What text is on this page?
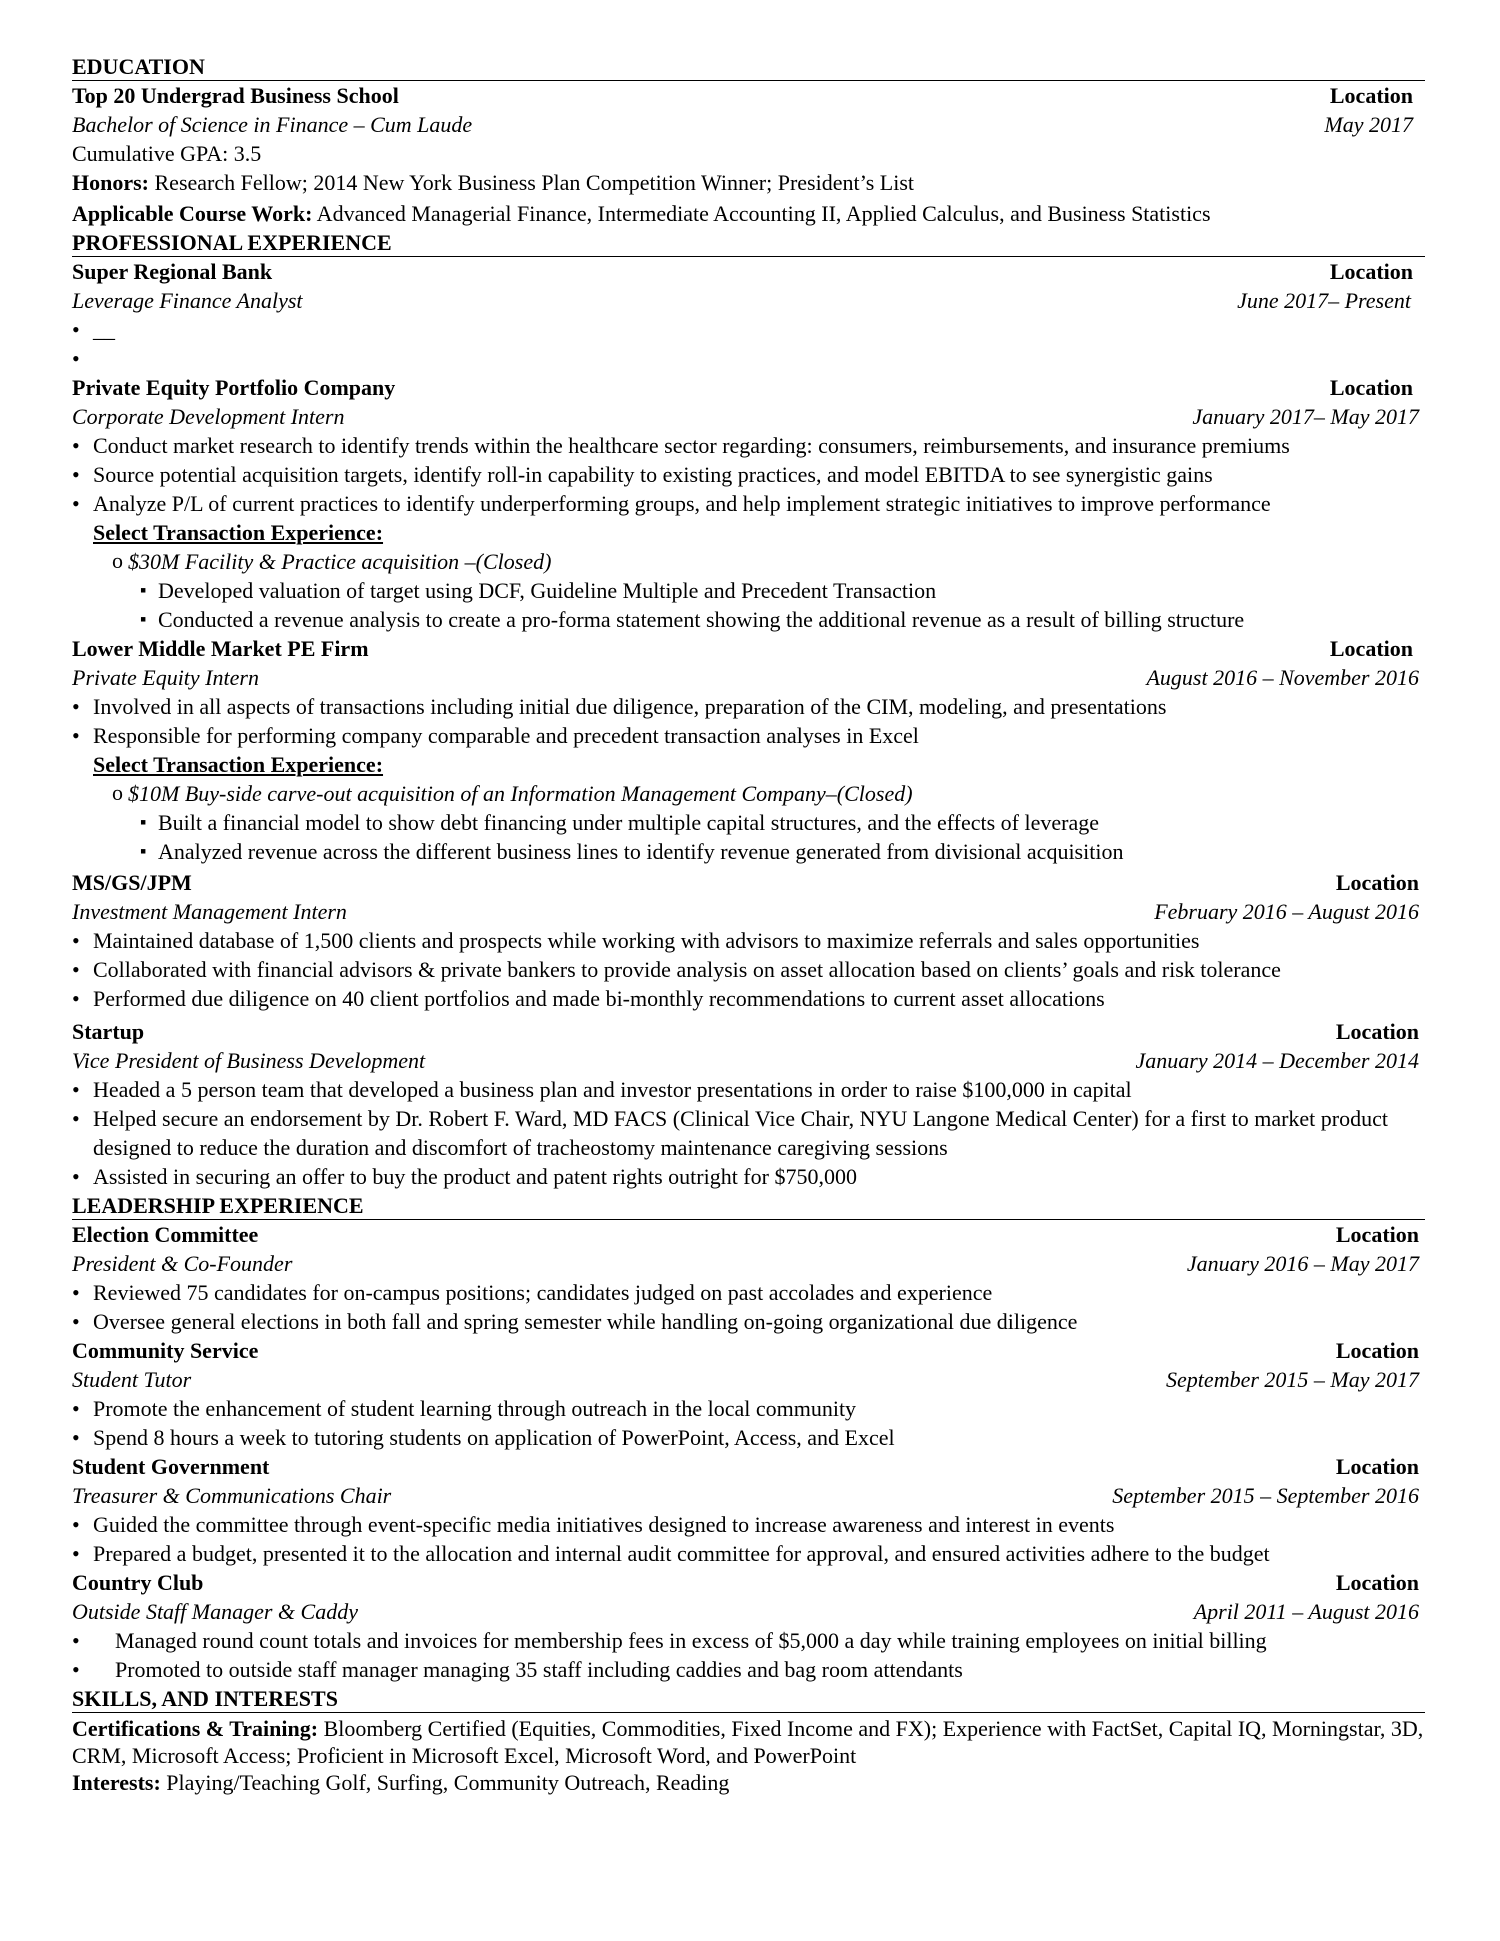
EDUCATION
Top 20 Undergrad Business School	Location
Bachelor of Science in Finance – Cum Laude	May 2017
Cumulative GPA: 3.5
Honors: Research Fellow; 2014 New York Business Plan Competition Winner; President’s List
Applicable Course Work: Advanced Managerial Finance, Intermediate Accounting II, Applied Calculus, and Business Statistics
PROFESSIONAL EXPERIENCE
Super Regional Bank	Location
Leverage Finance Analyst	June 2017– Present
• __
•
Private Equity Portfolio Company	Location
Corporate Development Intern	January 2017– May 2017
• Conduct market research to identify trends within the healthcare sector regarding: consumers, reimbursements, and insurance premiums
• Source potential acquisition targets, identify roll-in capability to existing practices, and model EBITDA to see synergistic gains
• Analyze P/L of current practices to identify underperforming groups, and help implement strategic initiatives to improve performance
Select Transaction Experience:
o $30M Facility & Practice acquisition –(Closed)
▪ Developed valuation of target using DCF, Guideline Multiple and Precedent Transaction
▪ Conducted a revenue analysis to create a pro-forma statement showing the additional revenue as a result of billing structure
Lower Middle Market PE Firm	Location
Private Equity Intern	August 2016 – November 2016
• Involved in all aspects of transactions including initial due diligence, preparation of the CIM, modeling, and presentations
• Responsible for performing company comparable and precedent transaction analyses in Excel
Select Transaction Experience:
o $10M Buy-side carve-out acquisition of an Information Management Company–(Closed)
▪ Built a financial model to show debt financing under multiple capital structures, and the effects of leverage
▪ Analyzed revenue across the different business lines to identify revenue generated from divisional acquisition
MS/GS/JPM	Location
Investment Management Intern	February 2016 – August 2016
• Maintained database of 1,500 clients and prospects while working with advisors to maximize referrals and sales opportunities
• Collaborated with financial advisors & private bankers to provide analysis on asset allocation based on clients’ goals and risk tolerance
• Performed due diligence on 40 client portfolios and made bi-monthly recommendations to current asset allocations
Startup	Location
Vice President of Business Development	January 2014 – December 2014
• Headed a 5 person team that developed a business plan and investor presentations in order to raise $100,000 in capital
• Helped secure an endorsement by Dr. Robert F. Ward, MD FACS (Clinical Vice Chair, NYU Langone Medical Center) for a first to market product designed to reduce the duration and discomfort of tracheostomy maintenance caregiving sessions
• Assisted in securing an offer to buy the product and patent rights outright for $750,000
LEADERSHIP EXPERIENCE
Election Committee	Location
President & Co-Founder	January 2016 – May 2017
• Reviewed 75 candidates for on-campus positions; candidates judged on past accolades and experience
• Oversee general elections in both fall and spring semester while handling on-going organizational due diligence
Community Service	Location
Student Tutor	September 2015 – May 2017
• Promote the enhancement of student learning through outreach in the local community
• Spend 8 hours a week to tutoring students on application of PowerPoint, Access, and Excel
Student Government	Location
Treasurer & Communications Chair	September 2015 – September 2016
• Guided the committee through event-specific media initiatives designed to increase awareness and interest in events
• Prepared a budget, presented it to the allocation and internal audit committee for approval, and ensured activities adhere to the budget
Country Club	Location
Outside Staff Manager & Caddy	April 2011 – August 2016
• Managed round count totals and invoices for membership fees in excess of $5,000 a day while training employees on initial billing
• Promoted to outside staff manager managing 35 staff including caddies and bag room attendants
SKILLS, AND INTERESTS
Certifications & Training: Bloomberg Certified (Equities, Commodities, Fixed Income and FX); Experience with FactSet, Capital IQ, Morningstar, 3D, CRM, Microsoft Access; Proficient in Microsoft Excel, Microsoft Word, and PowerPoint
Interests: Playing/Teaching Golf, Surfing, Community Outreach, Reading
